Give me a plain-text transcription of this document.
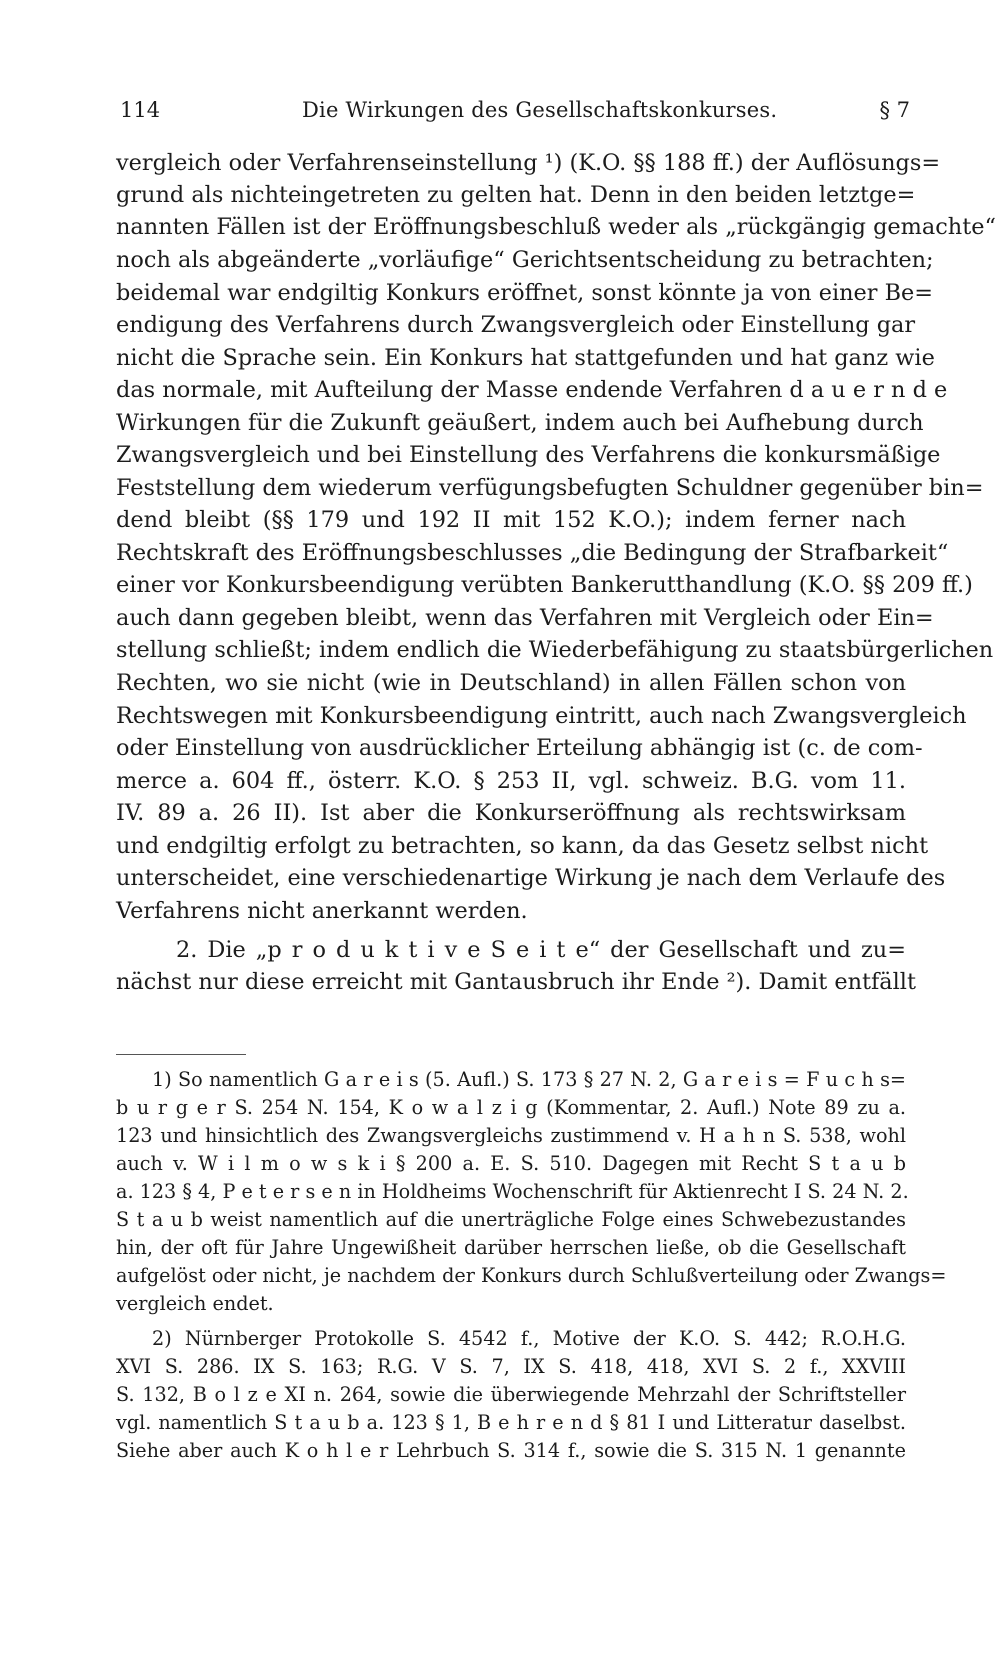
114	Die Wirkungen des Gesellschaftskonkurses.	§ 7
vergleich oder Verfahrenseinstellung ¹) (K.O. §§ 188 ff.) der Auflösungs=
grund als nichteingetreten zu gelten hat. Denn in den beiden letztge=
nannten Fällen ist der Eröffnungsbeschluß weder als „rückgängig gemachte“
noch als abgeänderte „vorläufige“ Gerichtsentscheidung zu betrachten;
beidemal war endgiltig Konkurs eröffnet, sonst könnte ja von einer Be=
endigung des Verfahrens durch Zwangsvergleich oder Einstellung gar
nicht die Sprache sein. Ein Konkurs hat stattgefunden und hat ganz wie
das normale, mit Aufteilung der Masse endende Verfahren d a u e r n d e
Wirkungen für die Zukunft geäußert, indem auch bei Aufhebung durch
Zwangsvergleich und bei Einstellung des Verfahrens die konkursmäßige
Feststellung dem wiederum verfügungsbefugten Schuldner gegenüber bin=
dend bleibt (§§ 179 und 192 II mit 152 K.O.); indem ferner nach
Rechtskraft des Eröffnungsbeschlusses „die Bedingung der Strafbarkeit“
einer vor Konkursbeendigung verübten Bankerutthandlung (K.O. §§ 209 ff.)
auch dann gegeben bleibt, wenn das Verfahren mit Vergleich oder Ein=
stellung schließt; indem endlich die Wiederbefähigung zu staatsbürgerlichen
Rechten, wo sie nicht (wie in Deutschland) in allen Fällen schon von
Rechtswegen mit Konkursbeendigung eintritt, auch nach Zwangsvergleich
oder Einstellung von ausdrücklicher Erteilung abhängig ist (c. de com-
merce a. 604 ff., österr. K.O. § 253 II, vgl. schweiz. B.G. vom 11.
IV. 89 a. 26 II). Ist aber die Konkurseröffnung als rechtswirksam
und endgiltig erfolgt zu betrachten, so kann, da das Gesetz selbst nicht
unterscheidet, eine verschiedenartige Wirkung je nach dem Verlaufe des
Verfahrens nicht anerkannt werden.
2. Die „p r o d u k t i v e S e i t e“ der Gesellschaft und zu=
nächst nur diese erreicht mit Gantausbruch ihr Ende ²). Damit entfällt
1) So namentlich G a r e i s (5. Aufl.) S. 173 § 27 N. 2, G a r e i s = F u c h s=
b u r g e r S. 254 N. 154, K o w a l z i g (Kommentar, 2. Aufl.) Note 89 zu a.
123 und hinsichtlich des Zwangsvergleichs zustimmend v. H a h n S. 538, wohl
auch v. W i l m o w s k i § 200 a. E. S. 510. Dagegen mit Recht S t a u b
a. 123 § 4, P e t e r s e n in Holdheims Wochenschrift für Aktienrecht I S. 24 N. 2.
S t a u b weist namentlich auf die unerträgliche Folge eines Schwebezustandes
hin, der oft für Jahre Ungewißheit darüber herrschen ließe, ob die Gesellschaft
aufgelöst oder nicht, je nachdem der Konkurs durch Schlußverteilung oder Zwangs=
vergleich endet.
2) Nürnberger Protokolle S. 4542 f., Motive der K.O. S. 442; R.O.H.G.
XVI S. 286. IX S. 163; R.G. V S. 7, IX S. 418, 418, XVI S. 2 f., XXVIII
S. 132, B o l z e XI n. 264, sowie die überwiegende Mehrzahl der Schriftsteller
vgl. namentlich S t a u b a. 123 § 1, B e h r e n d § 81 I und Litteratur daselbst.
Siehe aber auch K o h l e r Lehrbuch S. 314 f., sowie die S. 315 N. 1 genannte
